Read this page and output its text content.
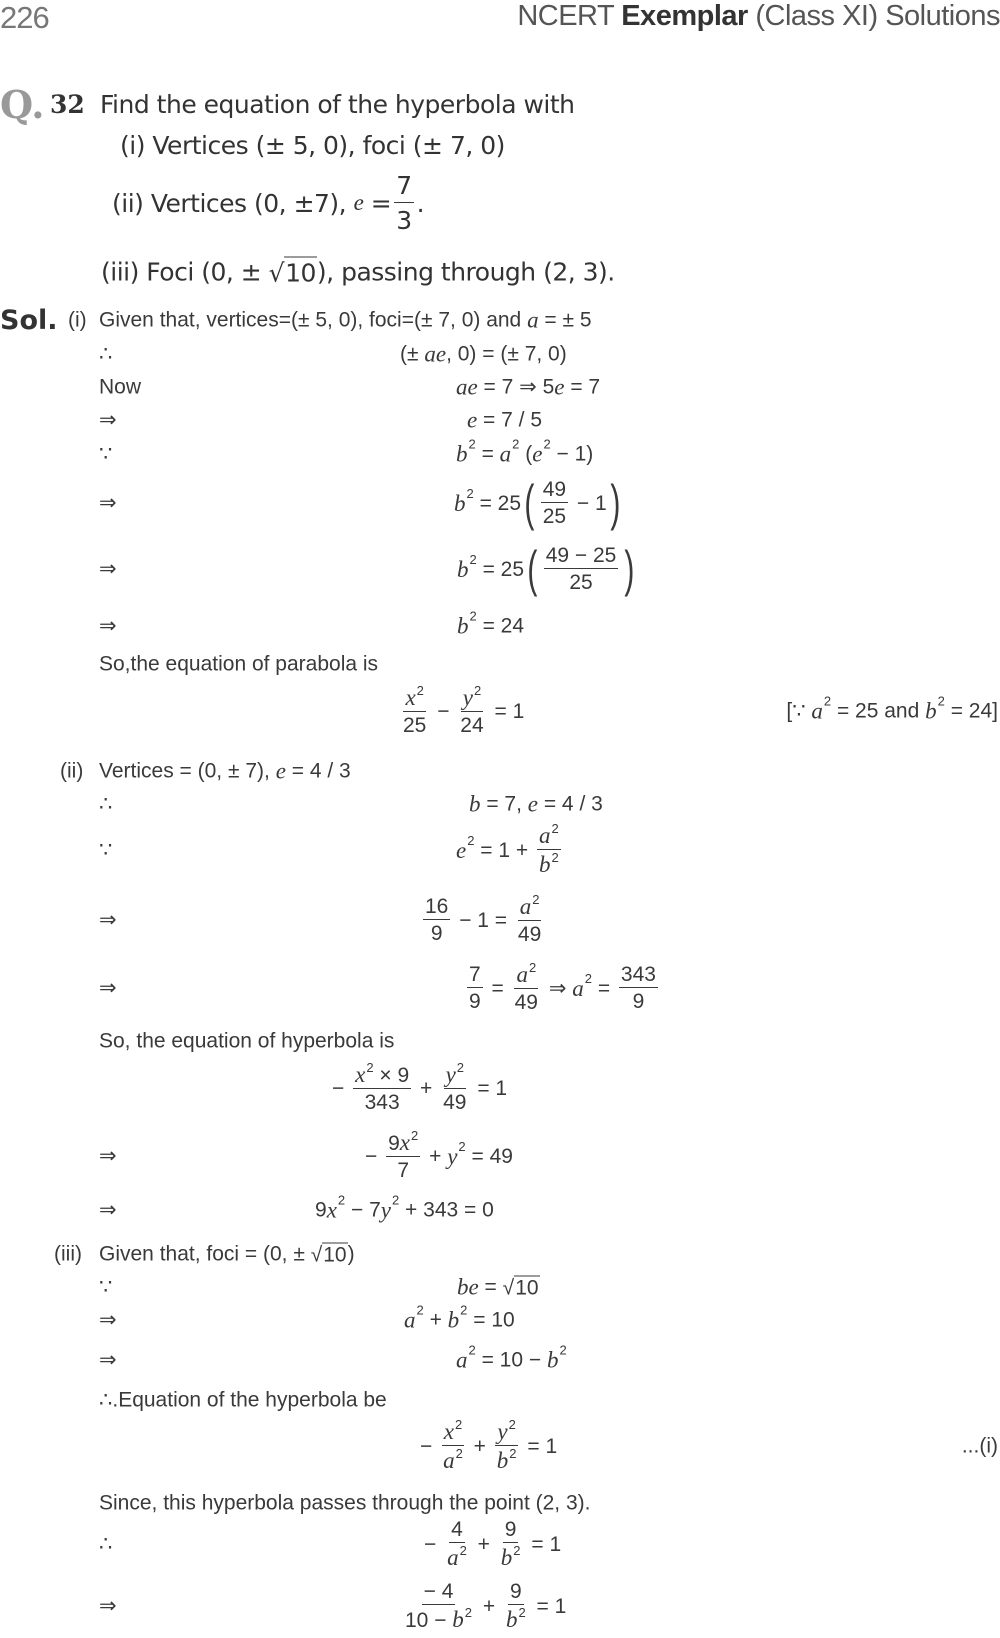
226	NCERT Exemplar (Class XI) Solutions
Q. 32 Find the equation of the hyperbola with
(i) Vertices (± 5, 0), foci (± 7, 0)
(ii) Vertices (0, ±7), $e = \frac{7}{3}$ .
(iii) Foci (0, ± √ 10 ), passing through (2, 3).
Sol. (i) Given that, vertices=(± 5, 0), foci=(± 7, 0) and a = ± 5
∴	(± ae , 0) = (± 7, 0)
Now	ae = 7 ⇒ 5 e = 7
⇒	e = 7 / 5
∵	b 2 = a 2 ( e 2 − 1)
⇒	b 2 = 25 ( $\frac{49}{25} - 1$ )
⇒	b 2 = 25 ( $\frac{49 - 25}{25}$ )
⇒	b 2 = 24
So,the equation of parabola is
$\frac{x^2}{25} - \frac{y^2}{24} = 1$	[∵ a 2 = 25 and b 2 = 24]
(ii) Vertices = (0, ± 7), e = 4 / 3
∴	b = 7, e = 4 / 3
∵	e $2 = 1 + \frac{a^2}{b^2}$
⇒	$\frac{16}{9} - 1 = \frac{a^2}{49}$
⇒	$\frac{7}{9} = \frac{a^2}{49}$ ⇒ a $2 = \frac{343}{9}$
So, the equation of hyperbola is
− $\frac{x^2 \times 9}{343} + \frac{y^2}{49} = 1$
⇒	− $\frac{9x^2}{7} + y$ 2 = 49
⇒	9 x 2 − 7 y 2 + 343 = 0
(iii) Given that, foci = (0, ± √ 10 )
∵	be = √ 10
⇒	a 2 + b 2 = 10
⇒	a 2 = 10 − b 2
∴.Equation of the hyperbola be
− $\frac{x^2}{a^2} + \frac{y^2}{b^2} = 1$	...(i)
Since, this hyperbola passes through the point (2, 3).
∴	− $\frac{4}{a^2} + \frac{9}{b^2} = 1$
⇒	$\frac{- 4}{10 - b^2} + \frac{9}{b^2} = 1$
